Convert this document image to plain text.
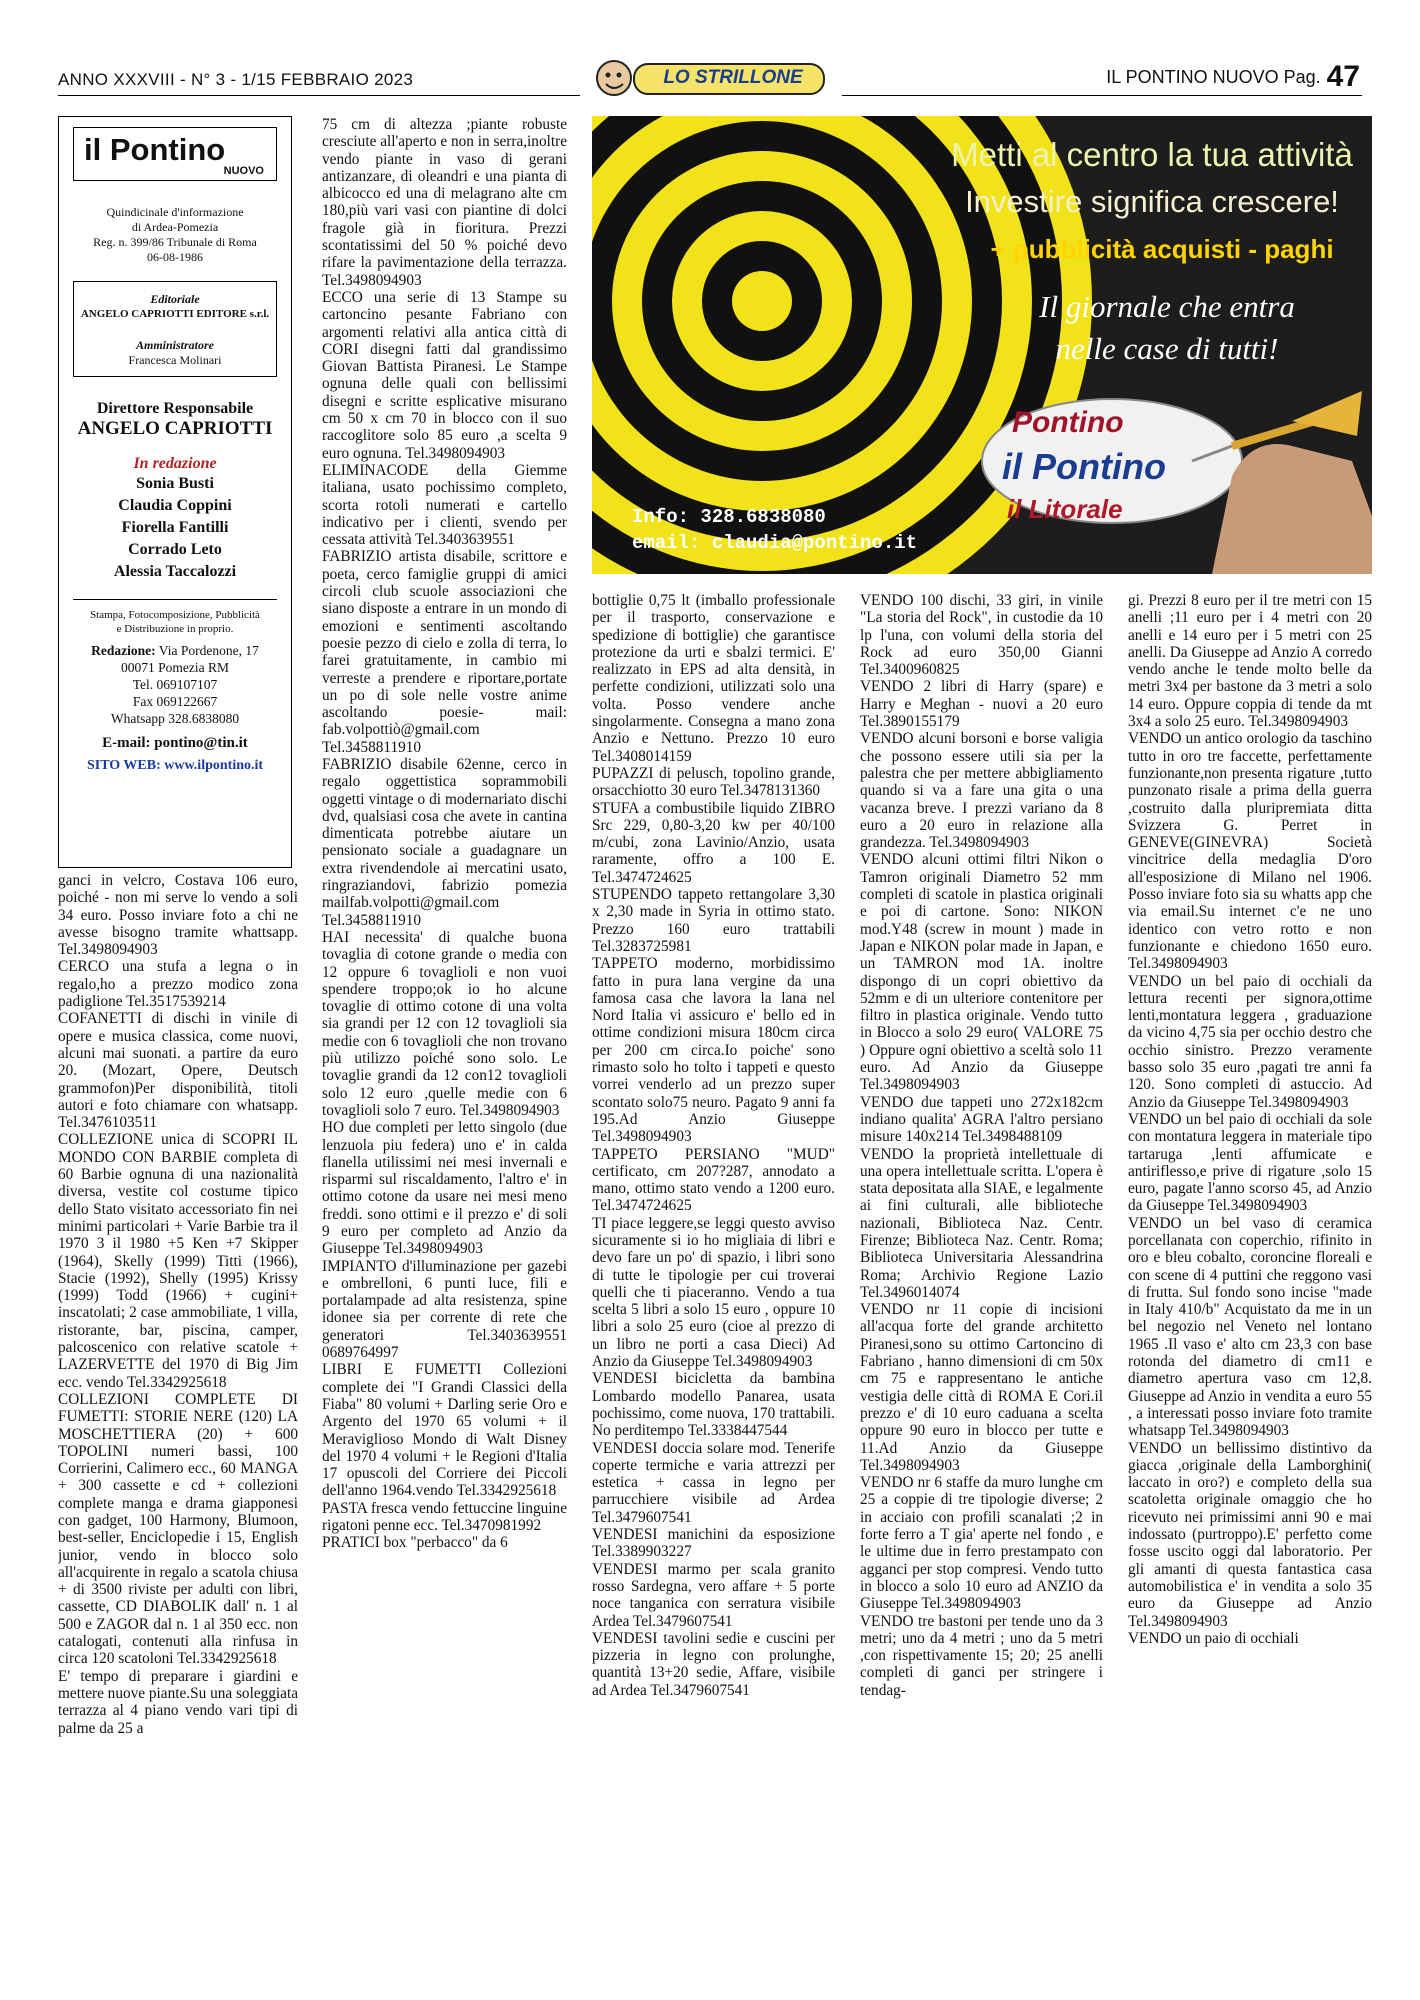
ANNO XXXVIII - N° 3 - 1/15 FEBBRAIO 2023	LO STRILLONE	IL PONTINO NUOVO Pag. 47
il Pontino
NUOVO
Quindicinale d'informazione
di Ardea-Pomezia
Reg. n. 399/86 Tribunale di Roma
06-08-1986
Editoriale
ANGELO CAPRIOTTI EDITORE s.r.l.
Amministratore
Francesca Molinari
Direttore Responsabile
ANGELO CAPRIOTTI
In redazione
Sonia Busti
Claudia Coppini
Fiorella Fantilli
Corrado Leto
Alessia Taccalozzi
Stampa, Fotocomposizione, Pubblicità
e Distribuzione in proprio.
Redazione: Via Pordenone, 17
00071 Pomezia RM
Tel. 069107107
Fax 069122667
Whatsapp 328.6838080
E-mail: pontino@tin.it
SITO WEB: www.ilpontino.it
Metti al centro la tua attività
Investire significa crescere!
+ pubblicità acquisti - paghi
Il giornale che entra
nelle case di tutti!
Pontino
il Pontino
il Litorale
Info: 328.6838080
email: claudia@pontino.it
ganci in velcro, Costava 106 euro, poiché - non mi serve lo vendo a soli 34 euro. Posso inviare foto a chi ne avesse bisogno tramite whattsapp. Tel.3498094903
CERCO una stufa a legna o in regalo,ho a prezzo modico zona padiglione Tel.3517539214
COFANETTI di dischi in vinile di opere e musica classica, come nuovi, alcuni mai suonati. a partire da euro 20. (Mozart, Opere, Deutsch grammofon)Per disponibilità, titoli autori e foto chiamare con whatsapp. Tel.3476103511
COLLEZIONE unica di SCOPRI IL MONDO CON BARBIE completa di 60 Barbie ognuna di una nazionalità diversa, vestite col costume tipico dello Stato visitato accessoriato fin nei minimi particolari + Varie Barbie tra il 1970 3 il 1980 +5 Ken +7 Skipper (1964), Skelly (1999) Titti (1966), Stacie (1992), Shelly (1995) Krissy (1999) Todd (1966) + cugini+ inscatolati; 2 case ammobiliate, 1 villa, ristorante, bar, piscina, camper, palcoscenico con relative scatole + LAZERVETTE del 1970 di Big Jim ecc. vendo Tel.3342925618
COLLEZIONI COMPLETE DI FUMETTI: STORIE NERE (120) LA MOSCHETTIERA (20) + 600 TOPOLINI numeri bassi, 100 Corrierini, Calimero ecc., 60 MANGA + 300 cassette e cd + collezioni complete manga e drama giapponesi con gadget, 100 Harmony, Blumoon, best-seller, Enciclopedie i 15, English junior, vendo in blocco solo all'acquirente in regalo a scatola chiusa + di 3500 riviste per adulti con libri, cassette, CD DIABOLIK dall' n. 1 al 500 e ZAGOR dal n. 1 al 350 ecc. non catalogati, contenuti alla rinfusa in circa 120 scatoloni Tel.3342925618
E' tempo di preparare i giardini e mettere nuove piante.Su una soleggiata terrazza al 4 piano vendo vari tipi di palme da 25 a
75 cm di altezza ;piante robuste cresciute all'aperto e non in serra,inoltre vendo piante in vaso di gerani antizanzare, di oleandri e una pianta di albicocco ed una di melagrano alte cm 180,più vari vasi con piantine di dolci fragole già in fioritura. Prezzi scontatissimi del 50 % poiché devo rifare la pavimentazione della terrazza. Tel.3498094903
ECCO una serie di 13 Stampe su cartoncino pesante Fabriano con argomenti relativi alla antica città di CORI disegni fatti dal grandissimo Giovan Battista Piranesi. Le Stampe ognuna delle quali con bellissimi disegni e scritte esplicative misurano cm 50 x cm 70 in blocco con il suo raccoglitore solo 85 euro ,a scelta 9 euro ognuna. Tel.3498094903
ELIMINACODE della Giemme italiana, usato pochissimo completo, scorta rotoli numerati e cartello indicativo per i clienti, svendo per cessata attività Tel.3403639551
FABRIZIO artista disabile, scrittore e poeta, cerco famiglie gruppi di amici circoli club scuole associazioni che siano disposte a entrare in un mondo di emozioni e sentimenti ascoltando poesie pezzo di cielo e zolla di terra, lo farei gratuitamente, in cambio mi verreste a prendere e riportare,portate un po di sole nelle vostre anime ascoltando poesie- mail: fab.volpottiò@gmail.com Tel.3458811910
FABRIZIO disabile 62enne, cerco in regalo oggettistica soprammobili oggetti vintage o di modernariato dischi dvd, qualsiasi cosa che avete in cantina dimenticata potrebbe aiutare un pensionato sociale a guadagnare un extra rivendendole ai mercatini usato, ringraziandovi, fabrizio pomezia mailfab.volpotti@gmail.com Tel.3458811910
HAI necessita' di qualche buona tovaglia di cotone grande o media con 12 oppure 6 tovaglioli e non vuoi spendere troppo;ok io ho alcune tovaglie di ottimo cotone di una volta sia grandi per 12 con 12 tovaglioli sia medie con 6 tovaglioli che non trovano più utilizzo poiché sono solo. Le tovaglie grandi da 12 con12 tovaglioli solo 12 euro ,quelle medie con 6 tovaglioli solo 7 euro. Tel.3498094903
HO due completi per letto singolo (due lenzuola piu federa) uno e' in calda flanella utilissimi nei mesi invernali e risparmi sul riscaldamento, l'altro e' in ottimo cotone da usare nei mesi meno freddi. sono ottimi e il prezzo e' di soli 9 euro per completo ad Anzio da Giuseppe Tel.3498094903
IMPIANTO d'illuminazione per gazebi e ombrelloni, 6 punti luce, fili e portalampade ad alta resistenza, spine idonee sia per corrente di rete che generatori Tel.3403639551 0689764997
LIBRI E FUMETTI Collezioni complete dei "I Grandi Classici della Fiaba" 80 volumi + Darling serie Oro e Argento del 1970 65 volumi + il Meraviglioso Mondo di Walt Disney del 1970 4 volumi + le Regioni d'Italia 17 opuscoli del Corriere dei Piccoli dell'anno 1964.vendo Tel.3342925618
PASTA fresca vendo fettuccine linguine rigatoni penne ecc. Tel.3470981992
PRATICI box "perbacco" da 6
bottiglie 0,75 lt (imballo professionale per il trasporto, conservazione e spedizione di bottiglie) che garantisce protezione da urti e sbalzi termici. E' realizzato in EPS ad alta densità, in perfette condizioni, utilizzati solo una volta. Posso vendere anche singolarmente. Consegna a mano zona Anzio e Nettuno. Prezzo 10 euro Tel.3408014159
PUPAZZI di pelusch, topolino grande, orsacchiotto 30 euro Tel.3478131360
STUFA a combustibile liquido ZIBRO Src 229, 0,80-3,20 kw per 40/100 m/cubi, zona Lavinio/Anzio, usata raramente, offro a 100 E. Tel.3474724625
STUPENDO tappeto rettangolare 3,30 x 2,30 made in Syria in ottimo stato. Prezzo 160 euro trattabili Tel.3283725981
TAPPETO moderno, morbidissimo fatto in pura lana vergine da una famosa casa che lavora la lana nel Nord Italia vi assicuro e' bello ed in ottime condizioni misura 180cm circa per 200 cm circa.Io poiche' sono rimasto solo ho tolto i tappeti e questo vorrei venderlo ad un prezzo super scontato solo75 neuro. Pagato 9 anni fa 195.Ad Anzio Giuseppe Tel.3498094903
TAPPETO PERSIANO "MUD" certificato, cm 207?287, annodato a mano, ottimo stato vendo a 1200 euro. Tel.3474724625
TI piace leggere,se leggi questo avviso sicuramente si io ho migliaia di libri e devo fare un po' di spazio, i libri sono di tutte le tipologie per cui troverai quelli che ti piaceranno. Vendo a tua scelta 5 libri a solo 15 euro , oppure 10 libri a solo 25 euro (cioe al prezzo di un libro ne porti a casa Dieci) Ad Anzio da Giuseppe Tel.3498094903
VENDESI bicicletta da bambina Lombardo modello Panarea, usata pochissimo, come nuova, 170 trattabili. No perditempo Tel.3338447544
VENDESI doccia solare mod. Tenerife coperte termiche e varia attrezzi per estetica + cassa in legno per parrucchiere visibile ad Ardea Tel.3479607541
VENDESI manichini da esposizione Tel.3389903227
VENDESI marmo per scala granito rosso Sardegna, vero affare + 5 porte noce tanganica con serratura visibile Ardea Tel.3479607541
VENDESI tavolini sedie e cuscini per pizzeria in legno con prolunghe, quantità 13+20 sedie, Affare, visibile ad Ardea Tel.3479607541
VENDO 100 dischi, 33 giri, in vinile "La storia del Rock", in custodie da 10 lp l'una, con volumi della storia del Rock ad euro 350,00 Gianni Tel.3400960825
VENDO 2 libri di Harry (spare) e Harry e Meghan - nuovi a 20 euro Tel.3890155179
VENDO alcuni borsoni e borse valigia che possono essere utili sia per la palestra che per mettere abbigliamento quando si va a fare una gita o una vacanza breve. I prezzi variano da 8 euro a 20 euro in relazione alla grandezza. Tel.3498094903
VENDO alcuni ottimi filtri Nikon o Tamron originali Diametro 52 mm completi di scatole in plastica originali e poi di cartone. Sono: NIKON mod.Y48 (screw in mount ) made in Japan e NIKON polar made in Japan, e un TAMRON mod 1A. inoltre dispongo di un copri obiettivo da 52mm e di un ulteriore contenitore per filtro in plastica originale. Vendo tutto in Blocco a solo 29 euro( VALORE 75 ) Oppure ogni obiettivo a sceltà solo 11 euro. Ad Anzio da Giuseppe Tel.3498094903
VENDO due tappeti uno 272x182cm indiano qualita' AGRA l'altro persiano misure 140x214 Tel.3498488109
VENDO la proprietà intellettuale di una opera intellettuale scritta. L'opera è stata depositata alla SIAE, e legalmente ai fini culturali, alle biblioteche nazionali, Biblioteca Naz. Centr. Firenze; Biblioteca Naz. Centr. Roma; Biblioteca Universitaria Alessandrina Roma; Archivio Regione Lazio Tel.3496014074
VENDO nr 11 copie di incisioni all'acqua forte del grande architetto Piranesi,sono su ottimo Cartoncino di Fabriano , hanno dimensioni di cm 50x cm 75 e rappresentano le antiche vestigia delle città di ROMA E Cori.il prezzo e' di 10 euro caduana a scelta oppure 90 euro in blocco per tutte e 11.Ad Anzio da Giuseppe Tel.3498094903
VENDO nr 6 staffe da muro lunghe cm 25 a coppie di tre tipologie diverse; 2 in acciaio con profili scanalati ;2 in forte ferro a T gia' aperte nel fondo , e le ultime due in ferro prestampato con agganci per stop compresi. Vendo tutto in blocco a solo 10 euro ad ANZIO da Giuseppe Tel.3498094903
VENDO tre bastoni per tende uno da 3 metri; uno da 4 metri ; uno da 5 metri ,con rispettivamente 15; 20; 25 anelli completi di ganci per stringere i tendag-
gi. Prezzi 8 euro per il tre metri con 15 anelli ;11 euro per i 4 metri con 20 anelli e 14 euro per i 5 metri con 25 anelli. Da Giuseppe ad Anzio A corredo vendo anche le tende molto belle da metri 3x4 per bastone da 3 metri a solo 14 euro. Oppure coppia di tende da mt 3x4 a solo 25 euro. Tel.3498094903
VENDO un antico orologio da taschino tutto in oro tre faccette, perfettamente funzionante,non presenta rigature ,tutto punzonato risale a prima della guerra ,costruito dalla pluripremiata ditta Svizzera G. Perret in GENEVE(GINEVRA) Società vincitrice della medaglia D'oro all'esposizione di Milano nel 1906. Posso inviare foto sia su whatts app che via email.Su internet c'e ne uno identico con vetro rotto e non funzionante e chiedono 1650 euro. Tel.3498094903
VENDO un bel paio di occhiali da lettura recenti per signora,ottime lenti,montatura leggera , graduazione da vicino 4,75 sia per occhio destro che occhio sinistro. Prezzo veramente basso solo 35 euro ,pagati tre anni fa 120. Sono completi di astuccio. Ad Anzio da Giuseppe Tel.3498094903
VENDO un bel paio di occhiali da sole con montatura leggera in materiale tipo tartaruga ,lenti affumicate e antiriflesso,e prive di rigature ,solo 15 euro, pagate l'anno scorso 45, ad Anzio da Giuseppe Tel.3498094903
VENDO un bel vaso di ceramica porcellanata con coperchio, rifinito in oro e bleu cobalto, coroncine floreali e con scene di 4 puttini che reggono vasi di frutta. Sul fondo sono incise "made in Italy 410/b" Acquistato da me in un bel negozio nel Veneto nel lontano 1965 .Il vaso e' alto cm 23,3 con base rotonda del diametro di cm11 e diametro apertura vaso cm 12,8. Giuseppe ad Anzio in vendita a euro 55 , a interessati posso inviare foto tramite whatsapp Tel.3498094903
VENDO un bellissimo distintivo da giacca ,originale della Lamborghini( laccato in oro?) e completo della sua scatoletta originale omaggio che ho ricevuto nei primissimi anni 90 e mai indossato (purtroppo).E' perfetto come fosse uscito oggi dal laboratorio. Per gli amanti di questa fantastica casa automobilistica e' in vendita a solo 35 euro da Giuseppe ad Anzio Tel.3498094903
VENDO un paio di occhiali
